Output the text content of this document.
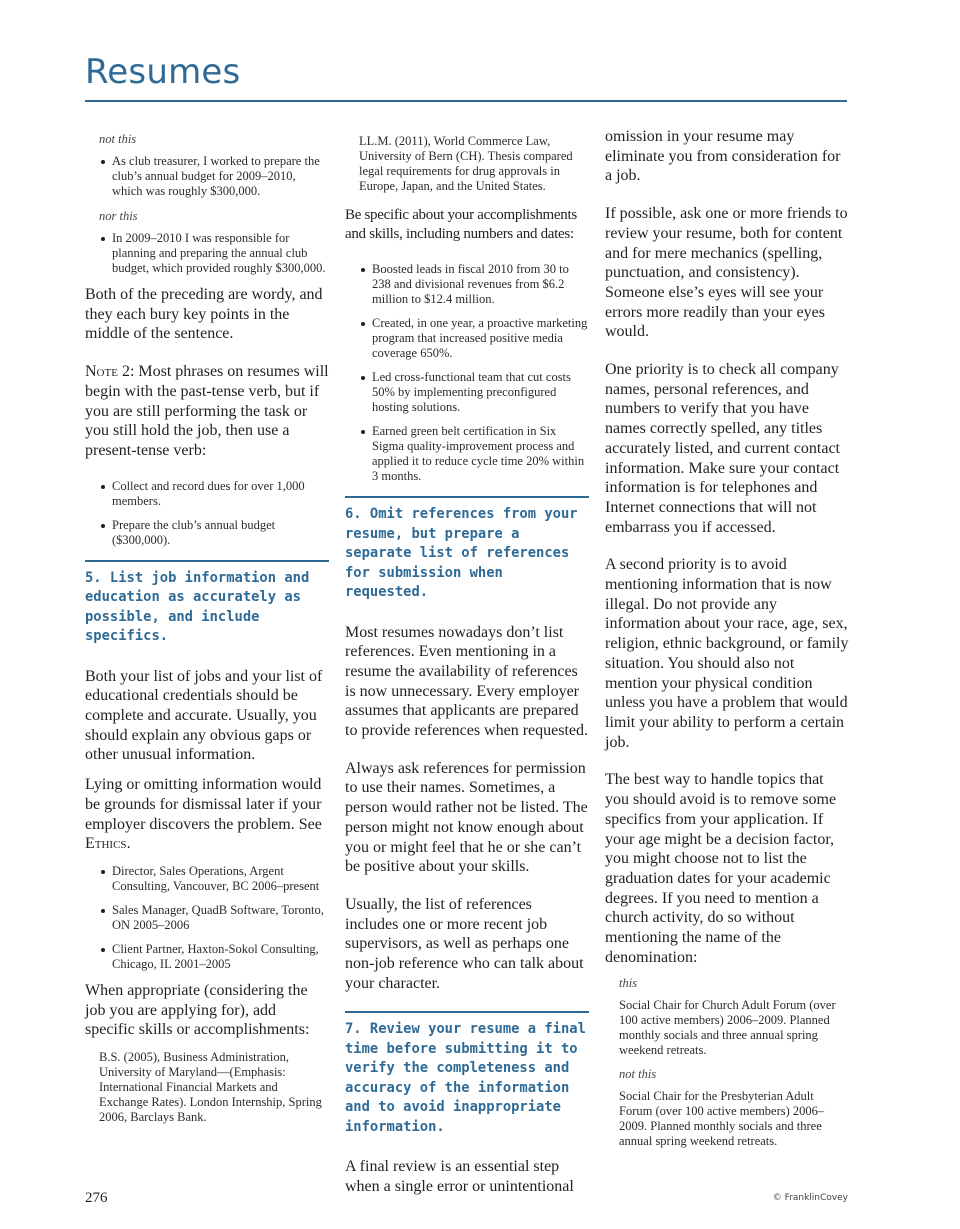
Resumes
not this
As club treasurer, I worked to prepare the club’s annual budget for 2009–2010, which was roughly $300,000.
nor this
In 2009–2010 I was responsible for planning and preparing the annual club budget, which provided roughly $300,000.

Both of the preceding are wordy, and they each bury key points in the middle of the sentence.

Note 2: Most phrases on resumes will begin with the past-tense verb, but if you are still performing the task or you still hold the job, then use a present-tense verb:

Collect and record dues for over 1,000 members.
Prepare the club’s annual budget ($300,000).
5. List job information and education as accurately as possible, and include specifics.

Both your list of jobs and your list of educational credentials should be complete and accurate. Usually, you should explain any obvious gaps or other unusual information.

Lying or omitting information would be grounds for dismissal later if your employer discovers the problem. See Ethics.

Director, Sales Operations, Argent Consulting, Vancouver, BC 2006–present
Sales Manager, QuadB Software, Toronto, ON 2005–2006
Client Partner, Haxton-Sokol Consulting, Chicago, IL 2001–2005

When appropriate (considering the job you are applying for), add specific skills or accomplishments:

B.S. (2005), Business Administration, University of Maryland—(Emphasis: International Financial Markets and Exchange Rates). London Internship, Spring 2006, Barclays Bank.
LL.M. (2011), World Commerce Law, University of Bern (CH). Thesis compared legal requirements for drug approvals in Europe, Japan, and the United States.

Be specific about your accomplishments and skills, including numbers and dates:

Boosted leads in fiscal 2010 from 30 to 238 and divisional revenues from $6.2 million to $12.4 million.
Created, in one year, a proactive marketing program that increased positive media coverage 650%.
Led cross-functional team that cut costs 50% by implementing preconfigured hosting solutions.
Earned green belt certification in Six Sigma quality-improvement process and applied it to reduce cycle time 20% within 3 months.
6. Omit references from your resume, but prepare a separate list of references for submission when requested.

Most resumes nowadays don’t list references. Even mentioning in a resume the availability of references is now unnecessary. Every employer assumes that applicants are prepared to provide references when requested.

Always ask references for permission to use their names. Sometimes, a person would rather not be listed. The person might not know enough about you or might feel that he or she can’t be positive about your skills.

Usually, the list of references includes one or more recent job supervisors, as well as perhaps one non-job reference who can talk about your character.

7. Review your resume a final time before submitting it to verify the completeness and accuracy of the information and to avoid inappropriate information.

A final review is an essential step when a single error or unintentional

omission in your resume may eliminate you from consideration for a job.

If possible, ask one or more friends to review your resume, both for content and for mere mechanics (spelling, punctuation, and consistency). Someone else’s eyes will see your errors more readily than your eyes would.

One priority is to check all company names, personal references, and numbers to verify that you have names correctly spelled, any titles accurately listed, and current contact information. Make sure your contact information is for telephones and Internet connections that will not embarrass you if accessed.

A second priority is to avoid mentioning information that is now illegal. Do not provide any information about your race, age, sex, religion, ethnic background, or family situation. You should also not mention your physical condition unless you have a problem that would limit your ability to perform a certain job.

The best way to handle topics that you should avoid is to remove some specifics from your application. If your age might be a decision factor, you might choose not to list the graduation dates for your academic degrees. If you need to mention a church activity, do so without mentioning the name of the denomination:

this
Social Chair for Church Adult Forum (over 100 active members) 2006–2009. Planned monthly socials and three annual spring weekend retreats.
not this
Social Chair for the Presbyterian Adult Forum (over 100 active members) 2006–2009. Planned monthly socials and three annual spring weekend retreats.
276	© FranklinCovey
